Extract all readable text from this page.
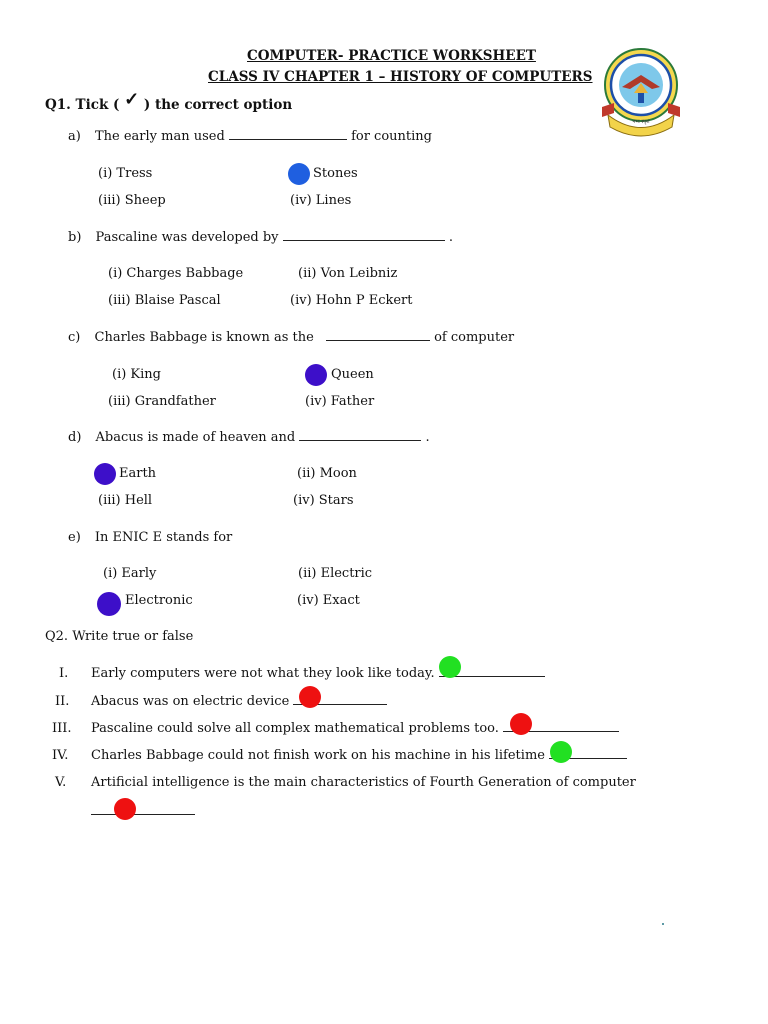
COMPUTER- PRACTICE WORKSHEET
CLASS IV CHAPTER 1 – HISTORY OF COMPUTERS
नभः स्पृशं
Q1. Tick ( ✓ ) the correct option
a) The early man used	for counting
(i) Tress	Stones
(iii) Sheep	(iv) Lines
b) Pascaline was developed by	.
(i) Charges Babbage	(ii) Von Leibniz
(iii) Blaise Pascal	(iv) Hohn P Eckert
c) Charles Babbage is known as the	of computer
(i) King	Queen
(iii) Grandfather	(iv) Father
d) Abacus is made of heaven and	.
Earth	(ii) Moon
(iii) Hell	(iv) Stars
e) In ENIC E stands for
(i) Early	(ii) Electric
Electronic	(iv) Exact
Q2. Write true or false
I. Early computers were not what they look like today.
II. Abacus was on electric device
III. Pascaline could solve all complex mathematical problems too.
IV. Charles Babbage could not finish work on his machine in his lifetime
V. Artificial intelligence is the main characteristics of Fourth Generation of computer
